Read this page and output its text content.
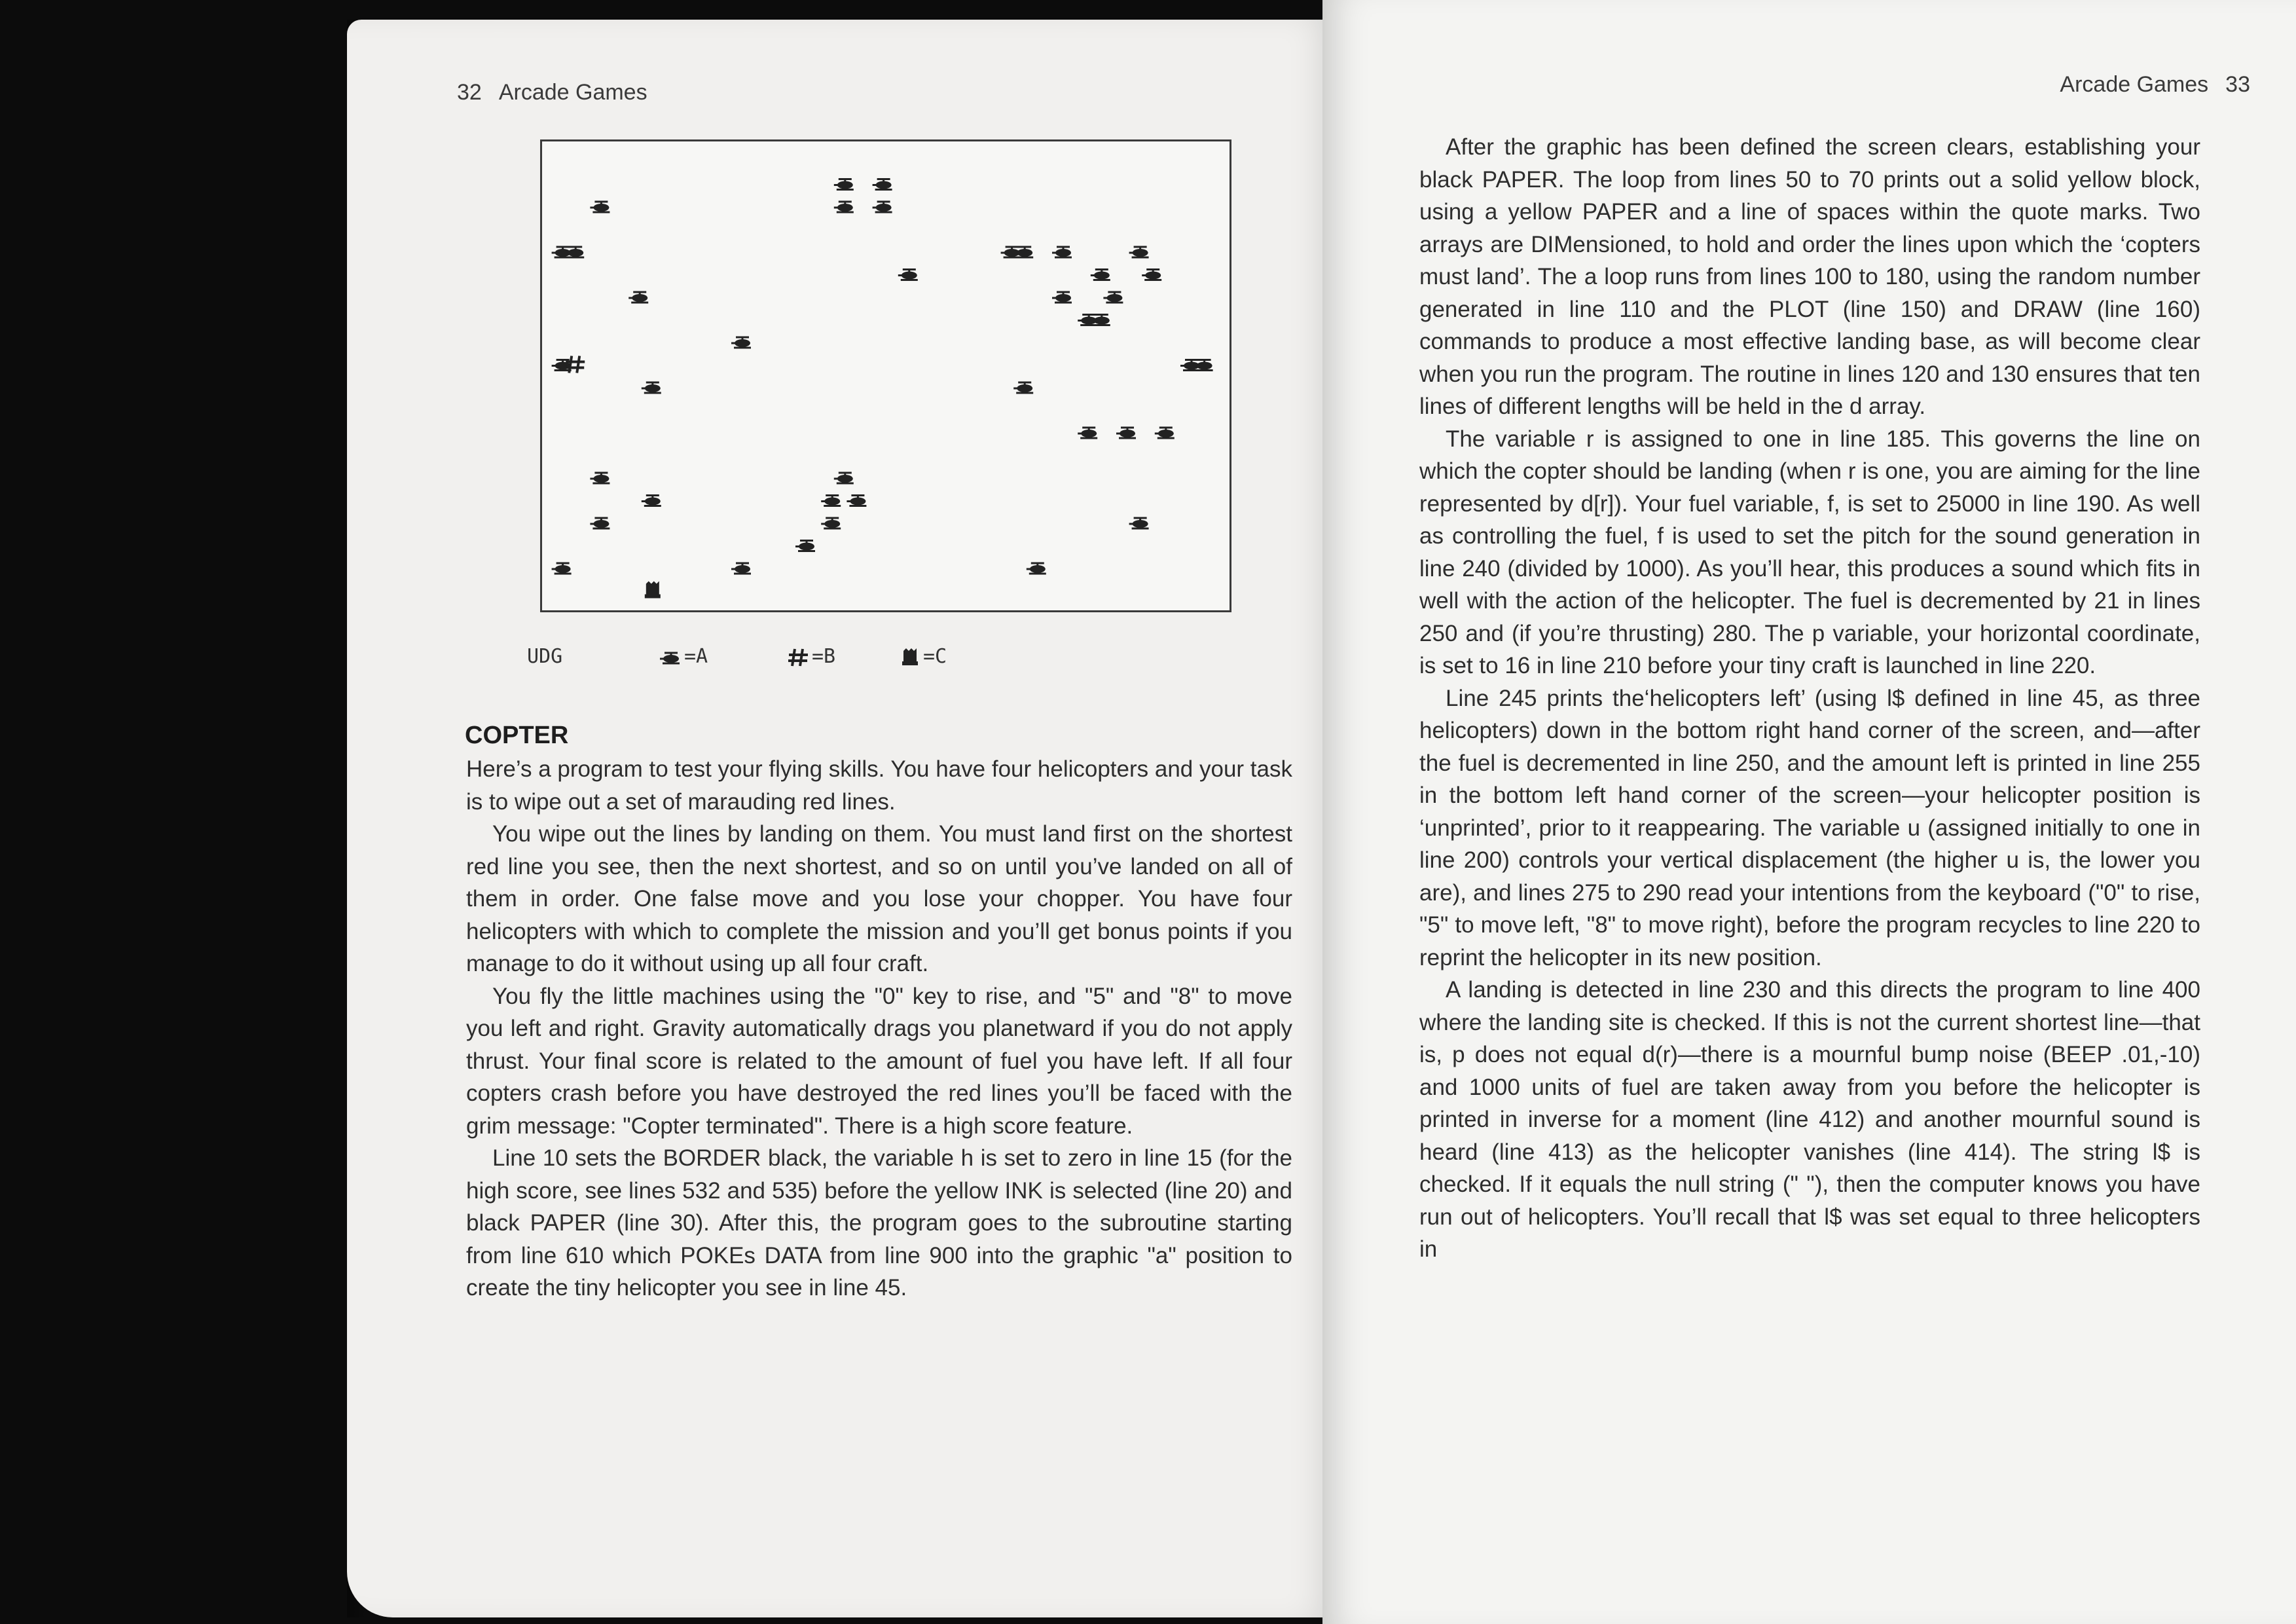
32 Arcade Games
UDG	=A	=B	=C
COPTER

Here’s a program to test your flying skills. You have four helicopters and your task is to wipe out a set of marauding red lines.

You wipe out the lines by landing on them. You must land first on the shortest red line you see, then the next shortest, and so on until you’ve landed on all of them in order. One false move and you lose your chopper. You have four helicopters with which to complete the mission and you’ll get bonus points if you manage to do it without using up all four craft.

You fly the little machines using the "0" key to rise, and "5" and "8" to move you left and right. Gravity automatically drags you planetward if you do not apply thrust. Your final score is related to the amount of fuel you have left. If all four copters crash before you have destroyed the red lines you’ll be faced with the grim message: "Copter terminated". There is a high score feature.

Line 10 sets the BORDER black, the variable h is set to zero in line 15 (for the high score, see lines 532 and 535) before the yellow INK is selected (line 20) and black PAPER (line 30). After this, the program goes to the subroutine starting from line 610 which POKEs DATA from line 900 into the graphic "a" position to create the tiny helicopter you see in line 45.

Arcade Games 33

After the graphic has been defined the screen clears, establishing your black PAPER. The loop from lines 50 to 70 prints out a solid yellow block, using a yellow PAPER and a line of spaces within the quote marks. Two arrays are DIMensioned, to hold and order the lines upon which the ‘copters must land’. The a loop runs from lines 100 to 180, using the random number generated in line 110 and the PLOT (line 150) and DRAW (line 160) commands to produce a most effective landing base, as will become clear when you run the program. The routine in lines 120 and 130 ensures that ten lines of different lengths will be held in the d array.

The variable r is assigned to one in line 185. This governs the line on which the copter should be landing (when r is one, you are aiming for the line represented by d[r]). Your fuel variable, f, is set to 25000 in line 190. As well as controlling the fuel, f is used to set the pitch for the sound generation in line 240 (divided by 1000). As you’ll hear, this produces a sound which fits in well with the action of the helicopter. The fuel is decremented by 21 in lines 250 and (if you’re thrusting) 280. The p variable, your horizontal coordinate, is set to 16 in line 210 before your tiny craft is launched in line 220.

Line 245 prints the‘helicopters left’ (using l$ defined in line 45, as three helicopters) down in the bottom right hand corner of the screen, and—after the fuel is decremented in line 250, and the amount left is printed in line 255 in the bottom left hand corner of the screen—your helicopter position is ‘unprinted’, prior to it reappearing. The variable u (assigned initially to one in line 200) controls your vertical displacement (the higher u is, the lower you are), and lines 275 to 290 read your intentions from the keyboard ("0" to rise, "5" to move left, "8" to move right), before the program recycles to line 220 to reprint the helicopter in its new position.

A landing is detected in line 230 and this directs the program to line 400 where the landing site is checked. If this is not the current shortest line—that is, p does not equal d(r)—there is a mournful bump noise (BEEP .01,-10) and 1000 units of fuel are taken away from you before the helicopter is printed in inverse for a moment (line 412) and another mournful sound is heard (line 413) as the helicopter vanishes (line 414). The string l$ is checked. If it equals the null string (" "), then the computer knows you have run out of helicopters. You’ll recall that l$ was set equal to three helicopters in
